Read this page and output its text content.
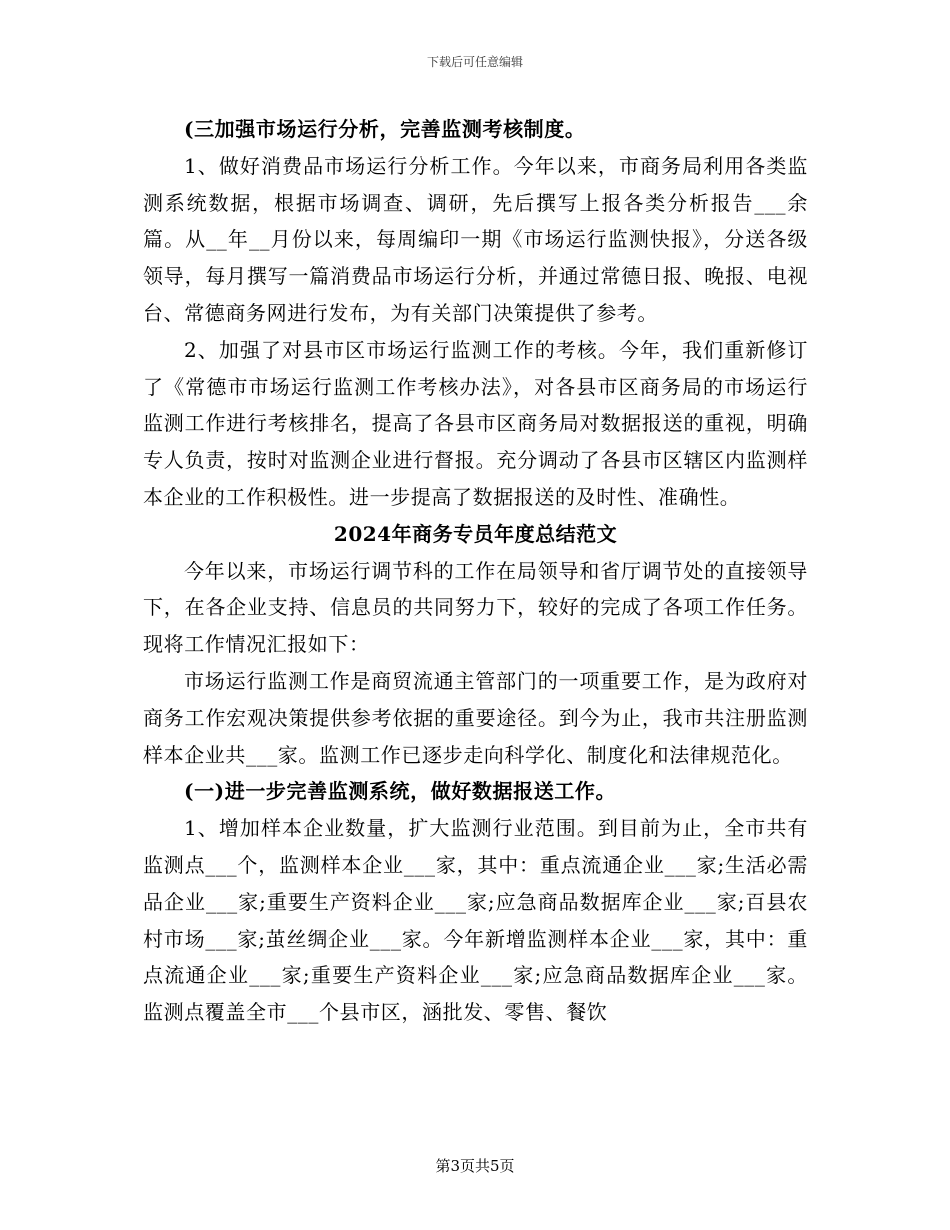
下载后可任意编辑

(三加强市场运行分析，完善监测考核制度。

1、做好消费品市场运行分析工作。今年以来，市商务局利用各类监测系统数据，根据市场调查、调研，先后撰写上报各类分析报告___余篇。从__年__月份以来，每周编印一期《市场运行监测快报》，分送各级领导，每月撰写一篇消费品市场运行分析，并通过常德日报、晚报、电视台、常德商务网进行发布，为有关部门决策提供了参考。

2、加强了对县市区市场运行监测工作的考核。今年，我们重新修订了《常德市市场运行监测工作考核办法》，对各县市区商务局的市场运行监测工作进行考核排名，提高了各县市区商务局对数据报送的重视，明确专人负责，按时对监测企业进行督报。充分调动了各县市区辖区内监测样本企业的工作积极性。进一步提高了数据报送的及时性、准确性。

2024年商务专员年度总结范文

今年以来，市场运行调节科的工作在局领导和省厅调节处的直接领导下，在各企业支持、信息员的共同努力下，较好的完成了各项工作任务。现将工作情况汇报如下：

市场运行监测工作是商贸流通主管部门的一项重要工作，是为政府对商务工作宏观决策提供参考依据的重要途径。到今为止，我市共注册监测样本企业共___家。监测工作已逐步走向科学化、制度化和法律规范化。

(一)进一步完善监测系统，做好数据报送工作。

1、增加样本企业数量，扩大监测行业范围。到目前为止，全市共有监测点___个，监测样本企业___家，其中：重点流通企业___家;生活必需品企业___家;重要生产资料企业___家;应急商品数据库企业___家;百县农村市场___家;茧丝绸企业___家。今年新增监测样本企业___家，其中：重点流通企业___家;重要生产资料企业___家;应急商品数据库企业___家。监测点覆盖全市___个县市区，涵批发、零售、餐饮

第3页共5页
